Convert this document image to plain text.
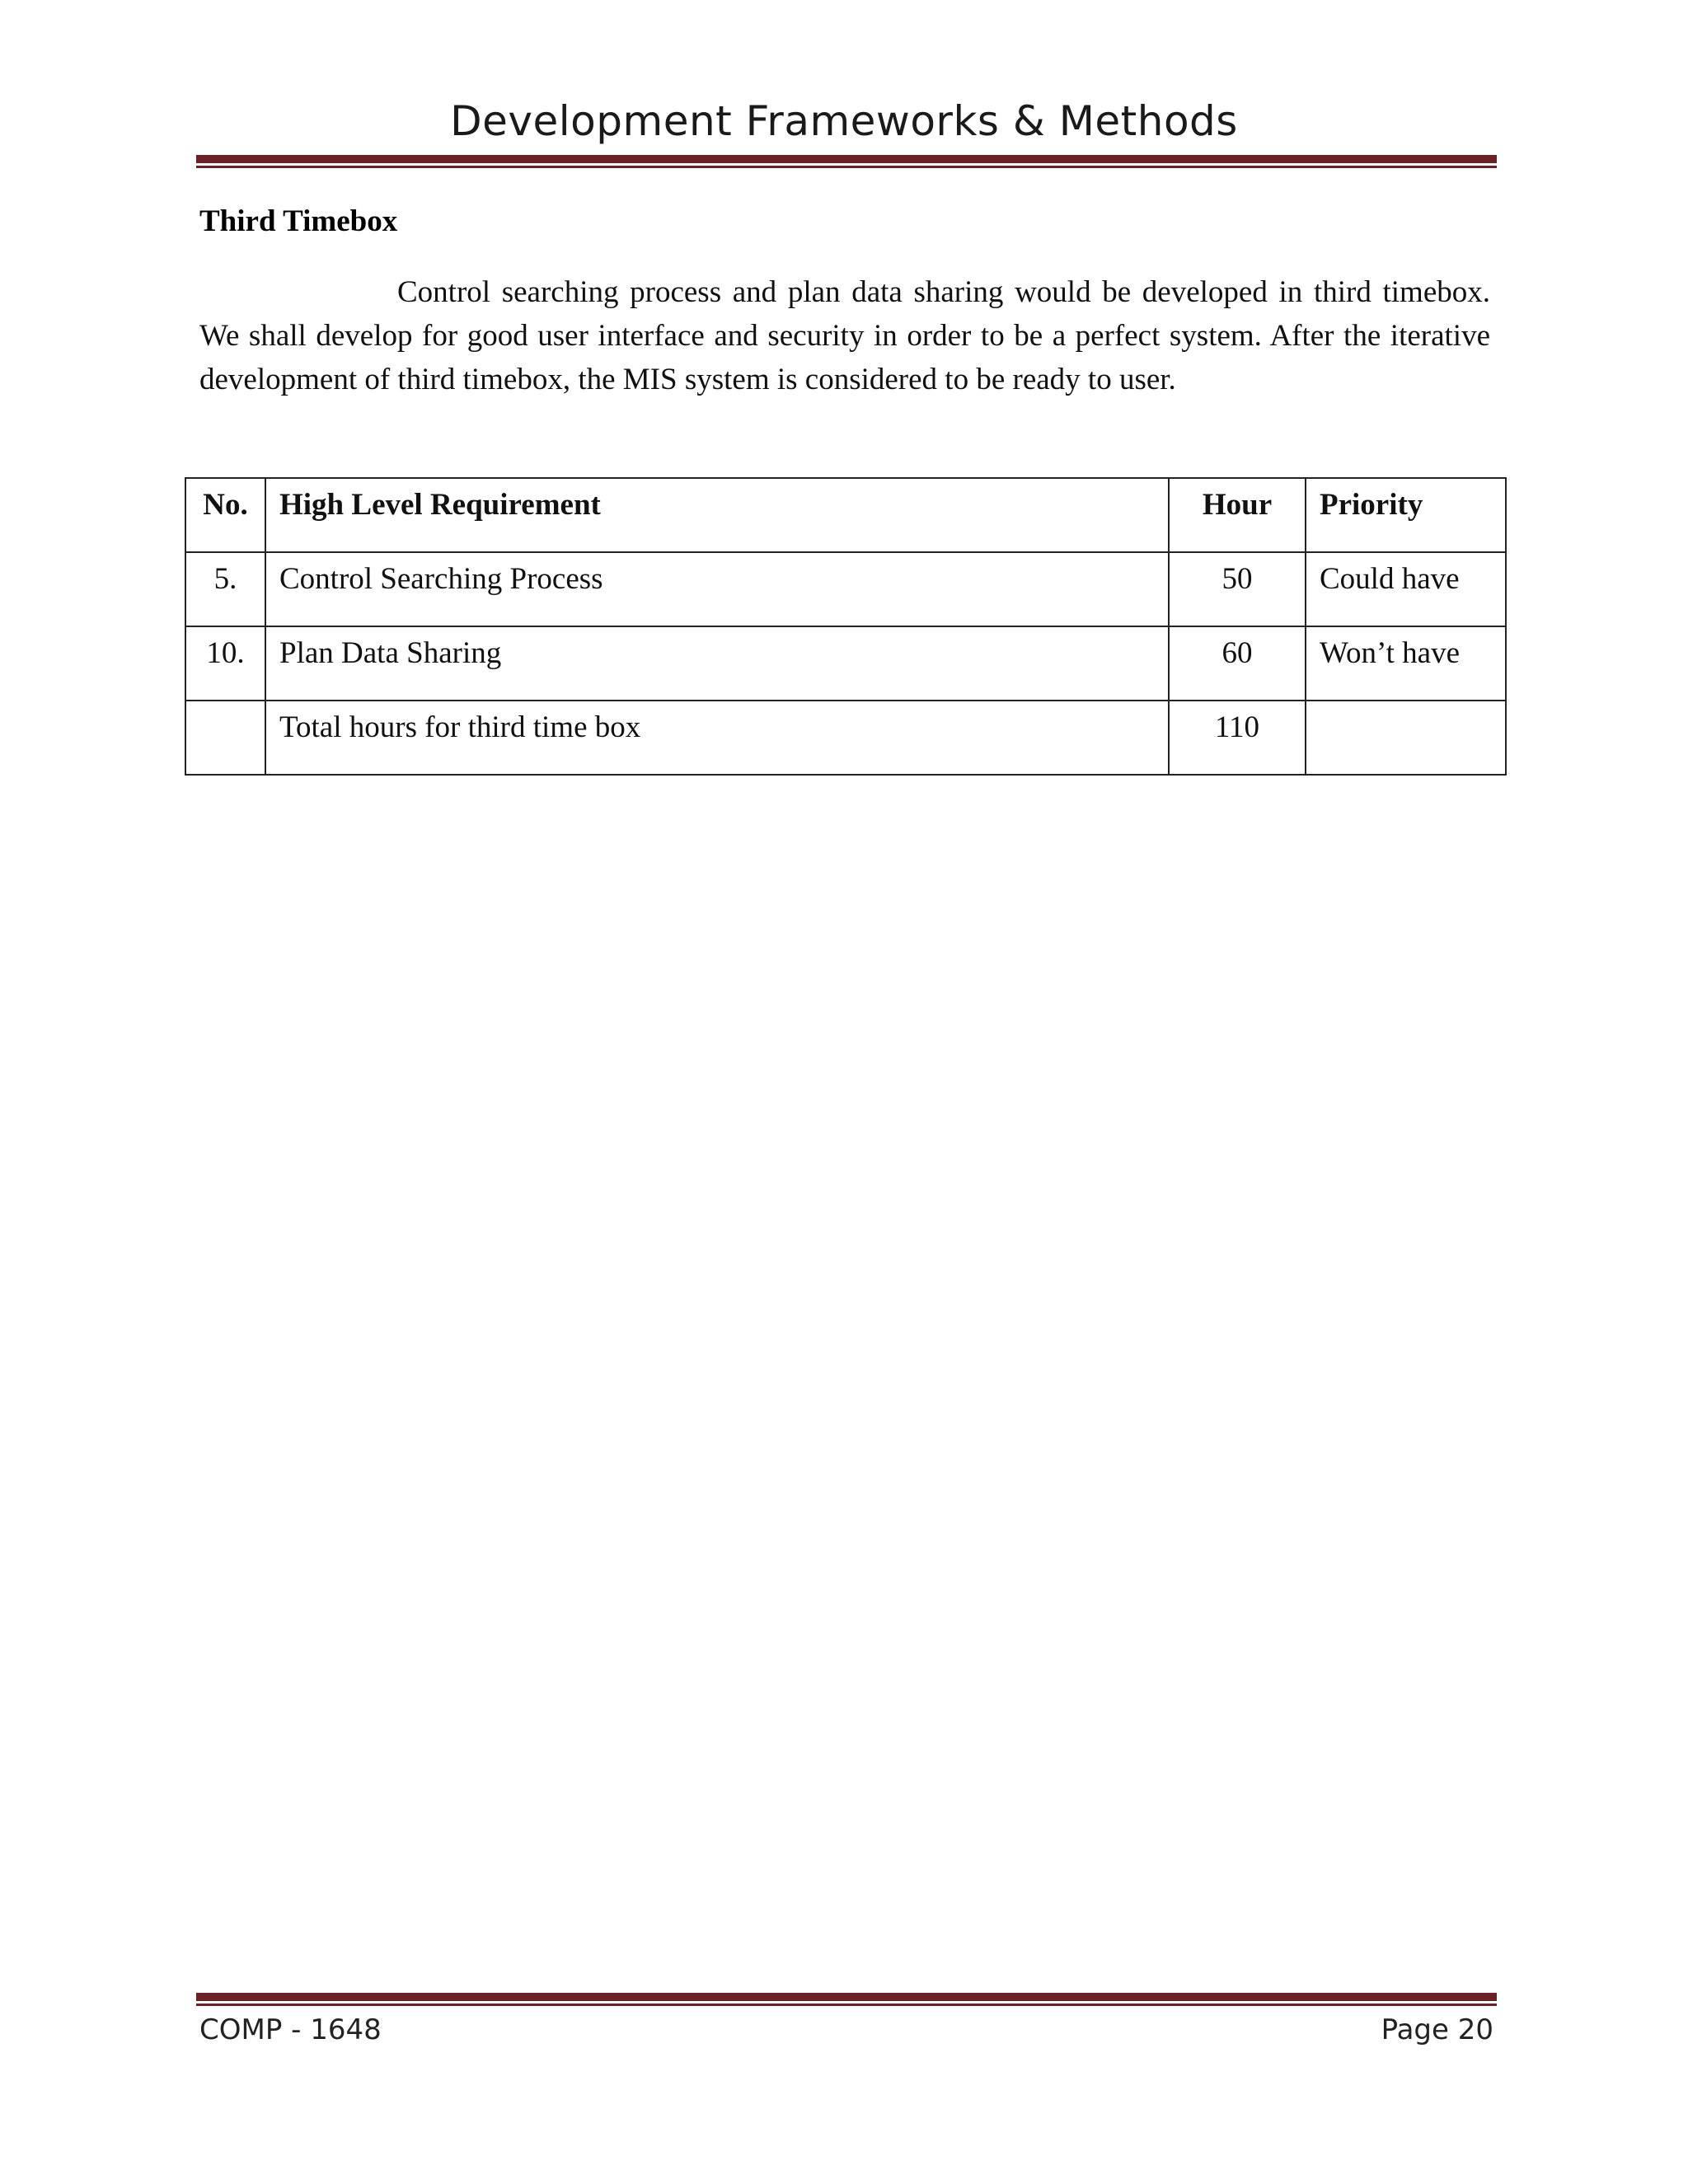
Development Frameworks & Methods
Third Timebox

Control searching process and plan data sharing would be developed in third timebox. We shall develop for good user interface and security in order to be a perfect system. After the iterative development of third timebox, the MIS system is considered to be ready to user.

No.	High Level Requirement	Hour	Priority
5.	Control Searching Process	50	Could have
10.	Plan Data Sharing	60	Won’t have
	Total hours for third time box	110	
COMP - 1648	Page 20
